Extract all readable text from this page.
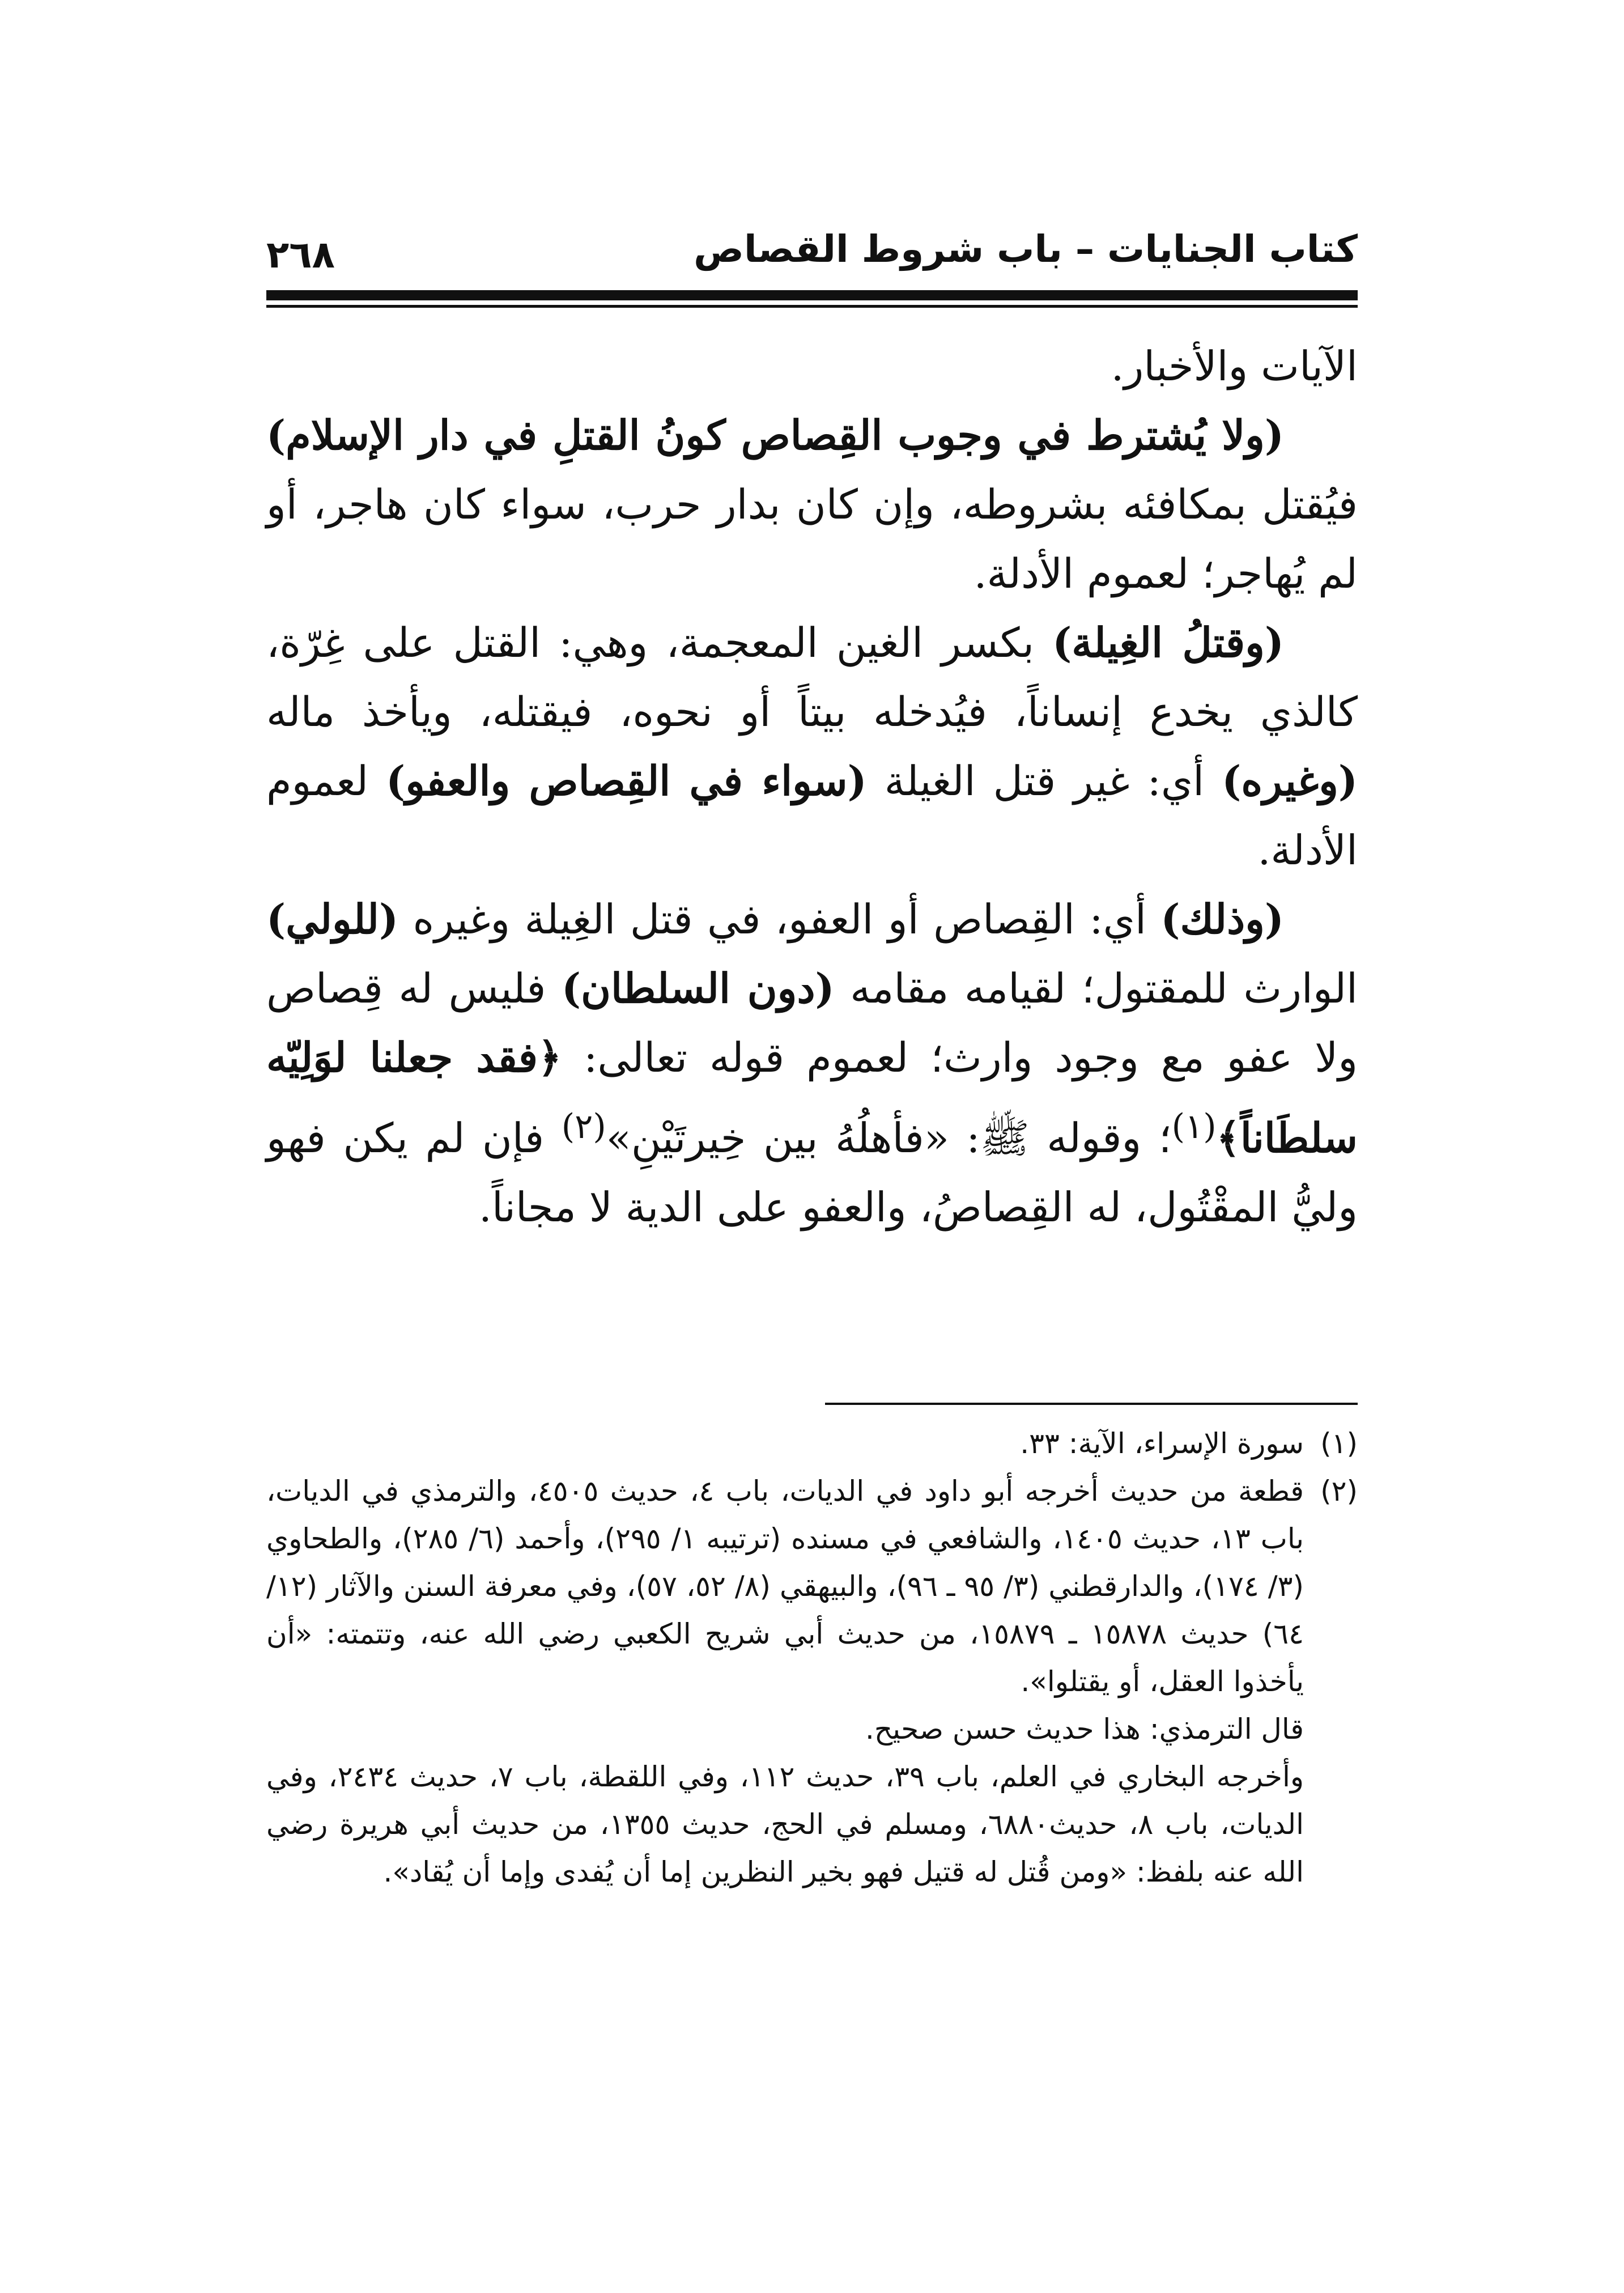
كتاب الجنايات – باب شروط القصاص
٢٦٨

الآيات والأخبار.

(ولا يُشترط في وجوب القِصاص كونُ القتلِ في دار الإسلام) فيُقتل بمكافئه بشروطه، وإن كان بدار حرب، سواء كان هاجر، أو لم يُهاجر؛ لعموم الأدلة.

(وقتلُ الغِيلة) بكسر الغين المعجمة، وهي: القتل على غِرّة، كالذي يخدع إنساناً، فيُدخله بيتاً أو نحوه، فيقتله، ويأخذ ماله (وغيره) أي: غير قتل الغيلة (سواء في القِصاص والعفو) لعموم الأدلة.

(وذلك) أي: القِصاص أو العفو، في قتل الغِيلة وغيره (للولي) الوارث للمقتول؛ لقيامه مقامه (دون السلطان) فليس له قِصاص ولا عفو مع وجود وارث؛ لعموم قوله تعالى: ﴿فقد جعلنا لوَلِيّه سلطَاناً﴾$^{(١)}$؛ وقوله ﷺ: «فأهلُهُ بين خِيرتَيْنِ»$^{(٢)}$ فإن لم يكن فهو وليُّ المقْتُول، له القِصاصُ، والعفو على الدية لا مجاناً.

(١)

سورة الإسراء، الآية: ٣٣.

(٢)

قطعة من حديث أخرجه أبو داود في الديات، باب ٤، حديث ٤٥٠٥، والترمذي في الديات، باب ١٣، حديث ١٤٠٥، والشافعي في مسنده (ترتيبه ١/ ٢٩٥)، وأحمد (٦/ ٢٨٥)، والطحاوي (٣/ ١٧٤)، والدارقطني (٣/ ٩٥ ـ ٩٦)، والبيهقي (٨/ ٥٢، ٥٧)، وفي معرفة السنن والآثار (١٢/ ٦٤) حديث ١٥٨٧٨ ـ ١٥٨٧٩، من حديث أبي شريح الكعبي رضي الله عنه، وتتمته: «أن يأخذوا العقل، أو يقتلوا».

قال الترمذي: هذا حديث حسن صحيح.

وأخرجه البخاري في العلم، باب ٣٩، حديث ١١٢، وفي اللقطة، باب ٧، حديث ٢٤٣٤، وفي الديات، باب ٨، حديث٦٨٨٠، ومسلم في الحج، حديث ١٣٥٥، من حديث أبي هريرة رضي الله عنه بلفظ: «ومن قُتل له قتيل فهو بخير النظرين إما أن يُفدى وإما أن يُقاد».
